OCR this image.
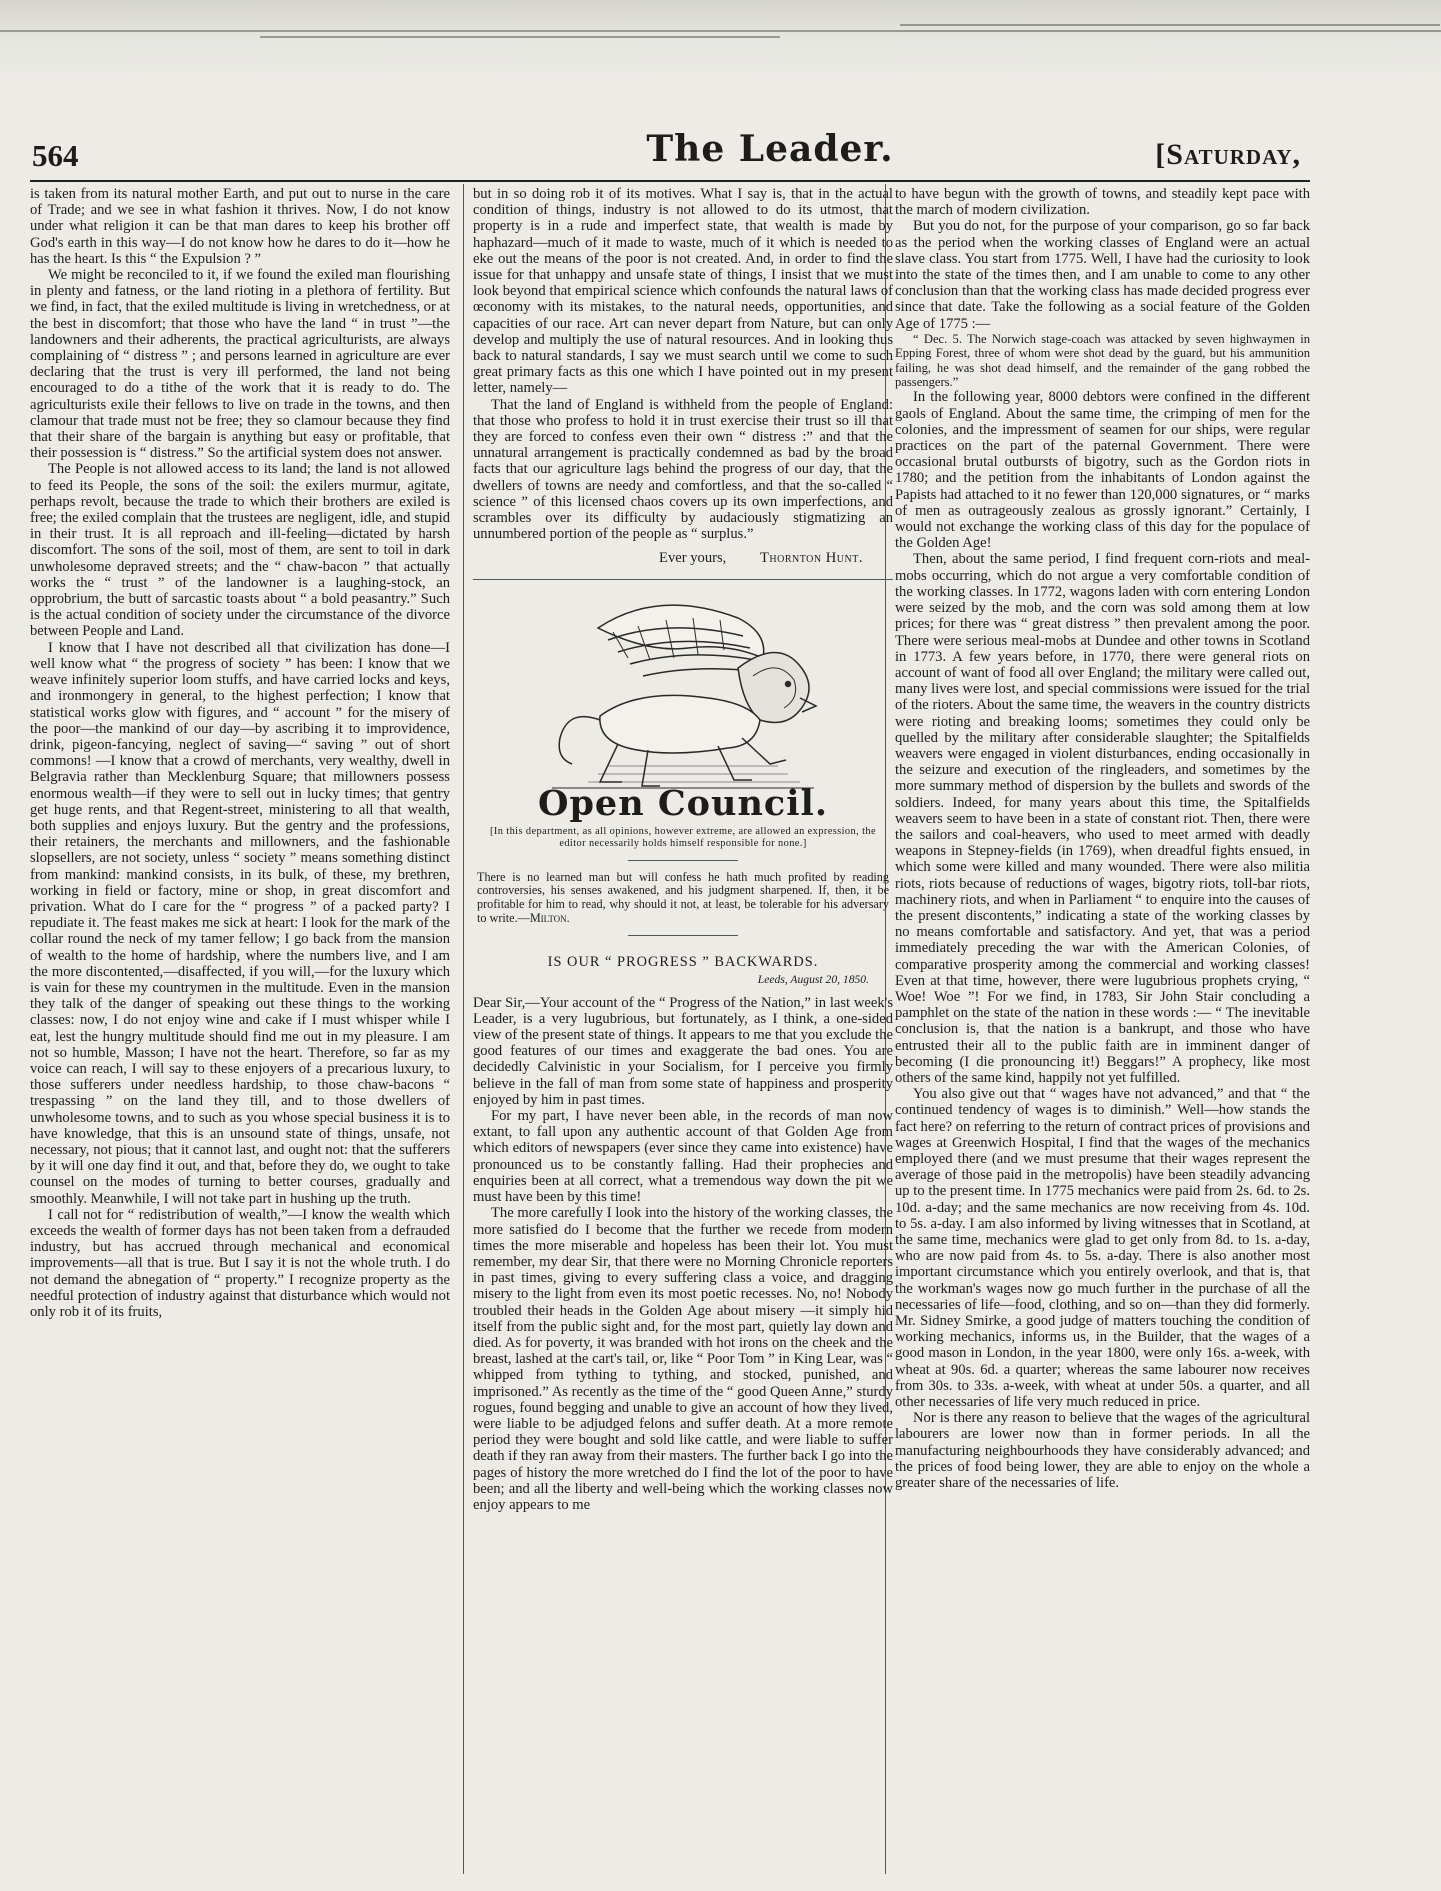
564	The Leader.	[Saturday,

is taken from its natural mother Earth, and put out to nurse in the care of Trade; and we see in what fashion it thrives. Now, I do not know under what religion it can be that man dares to keep his brother off God's earth in this way—I do not know how he dares to do it—how he has the heart. Is this “ the Expulsion ? ”

We might be reconciled to it, if we found the exiled man flourishing in plenty and fatness, or the land rioting in a plethora of fertility. But we find, in fact, that the exiled multitude is living in wretchedness, or at the best in discomfort; that those who have the land “ in trust ”—the landowners and their adherents, the practical agriculturists, are always complaining of “ distress ” ; and persons learned in agriculture are ever declaring that the trust is very ill performed, the land not being encouraged to do a tithe of the work that it is ready to do. The agriculturists exile their fellows to live on trade in the towns, and then clamour that trade must not be free; they so clamour because they find that their share of the bargain is anything but easy or profitable, that their possession is “ distress.” So the artificial system does not answer.

The People is not allowed access to its land; the land is not allowed to feed its People, the sons of the soil: the exilers murmur, agitate, perhaps revolt, because the trade to which their brothers are exiled is free; the exiled complain that the trustees are negligent, idle, and stupid in their trust. It is all reproach and ill-feeling—dictated by harsh discomfort. The sons of the soil, most of them, are sent to toil in dark unwholesome depraved streets; and the “ chaw-bacon ” that actually works the “ trust ” of the landowner is a laughing-stock, an opprobrium, the butt of sarcastic toasts about “ a bold peasantry.” Such is the actual condition of society under the circumstance of the divorce between People and Land.

I know that I have not described all that civilization has done—I well know what “ the progress of society ” has been: I know that we weave infinitely superior loom stuffs, and have carried locks and keys, and ironmongery in general, to the highest perfection; I know that statistical works glow with figures, and “ account ” for the misery of the poor—the mankind of our day—by ascribing it to improvidence, drink, pigeon-fancying, neglect of saving—“ saving ” out of short commons! —I know that a crowd of merchants, very wealthy, dwell in Belgravia rather than Mecklenburg Square; that millowners possess enormous wealth—if they were to sell out in lucky times; that gentry get huge rents, and that Regent-street, ministering to all that wealth, both supplies and enjoys luxury. But the gentry and the professions, their retainers, the merchants and millowners, and the fashionable slopsellers, are not society, unless “ society ” means something distinct from mankind: mankind consists, in its bulk, of these, my brethren, working in field or factory, mine or shop, in great discomfort and privation. What do I care for the “ progress ” of a packed party? I repudiate it. The feast makes me sick at heart: I look for the mark of the collar round the neck of my tamer fellow; I go back from the mansion of wealth to the home of hardship, where the numbers live, and I am the more discontented,—disaffected, if you will,—for the luxury which is vain for these my countrymen in the multitude. Even in the mansion they talk of the danger of speaking out these things to the working classes: now, I do not enjoy wine and cake if I must whisper while I eat, lest the hungry multitude should find me out in my pleasure. I am not so humble, Masson; I have not the heart. Therefore, so far as my voice can reach, I will say to these enjoyers of a precarious luxury, to those sufferers under needless hardship, to those chaw-bacons “ trespassing ” on the land they till, and to those dwellers of unwholesome towns, and to such as you whose special business it is to have knowledge, that this is an unsound state of things, unsafe, not necessary, not pious; that it cannot last, and ought not: that the sufferers by it will one day find it out, and that, before they do, we ought to take counsel on the modes of turning to better courses, gradually and smoothly. Meanwhile, I will not take part in hushing up the truth.

I call not for “ redistribution of wealth,”—I know the wealth which exceeds the wealth of former days has not been taken from a defrauded industry, but has accrued through mechanical and economical improvements—all that is true. But I say it is not the whole truth. I do not demand the abnegation of “ property.” I recognize property as the needful protection of industry against that disturbance which would not only rob it of its fruits,

but in so doing rob it of its motives. What I say is, that in the actual condition of things, industry is not allowed to do its utmost, that property is in a rude and imperfect state, that wealth is made by haphazard—much of it made to waste, much of it which is needed to eke out the means of the poor is not created. And, in order to find the issue for that unhappy and unsafe state of things, I insist that we must look beyond that empirical science which confounds the natural laws of œconomy with its mistakes, to the natural needs, opportunities, and capacities of our race. Art can never depart from Nature, but can only develop and multiply the use of natural resources. And in looking thus back to natural standards, I say we must search until we come to such great primary facts as this one which I have pointed out in my present letter, namely—

That the land of England is withheld from the people of England: that those who profess to hold it in trust exercise their trust so ill that they are forced to confess even their own “ distress :” and that the unnatural arrangement is practically condemned as bad by the broad facts that our agriculture lags behind the progress of our day, that the dwellers of towns are needy and comfortless, and that the so-called “ science ” of this licensed chaos covers up its own imperfections, and scrambles over its difficulty by audaciously stigmatizing an unnumbered portion of the people as “ surplus.”

Ever yours, Thornton Hunt.
Open Council.
[In this department, as all opinions, however extreme, are allowed an expression, the editor necessarily holds himself responsible for none.]
There is no learned man but will confess he hath much profited by reading controversies, his senses awakened, and his judgment sharpened. If, then, it be profitable for him to read, why should it not, at least, be tolerable for his adversary to write.—Milton.
IS OUR “ PROGRESS ” BACKWARDS.
Leeds, August 20, 1850.

Dear Sir,—Your account of the “ Progress of the Nation,” in last week's Leader, is a very lugubrious, but fortunately, as I think, a one-sided view of the present state of things. It appears to me that you exclude the good features of our times and exaggerate the bad ones. You are decidedly Calvinistic in your Socialism, for I perceive you firmly believe in the fall of man from some state of happiness and prosperity enjoyed by him in past times.

For my part, I have never been able, in the records of man now extant, to fall upon any authentic account of that Golden Age from which editors of newspapers (ever since they came into existence) have pronounced us to be constantly falling. Had their prophecies and enquiries been at all correct, what a tremendous way down the pit we must have been by this time!

The more carefully I look into the history of the working classes, the more satisfied do I become that the further we recede from modern times the more miserable and hopeless has been their lot. You must remember, my dear Sir, that there were no Morning Chronicle reporters in past times, giving to every suffering class a voice, and dragging misery to the light from even its most poetic recesses. No, no! Nobody troubled their heads in the Golden Age about misery —it simply hid itself from the public sight and, for the most part, quietly lay down and died. As for poverty, it was branded with hot irons on the cheek and the breast, lashed at the cart's tail, or, like “ Poor Tom ” in King Lear, was “ whipped from tything to tything, and stocked, punished, and imprisoned.” As recently as the time of the “ good Queen Anne,” sturdy rogues, found begging and unable to give an account of how they lived, were liable to be adjudged felons and suffer death. At a more remote period they were bought and sold like cattle, and were liable to suffer death if they ran away from their masters. The further back I go into the pages of history the more wretched do I find the lot of the poor to have been; and all the liberty and well-being which the working classes now enjoy appears to me

to have begun with the growth of towns, and steadily kept pace with the march of modern civilization.

But you do not, for the purpose of your comparison, go so far back as the period when the working classes of England were an actual slave class. You start from 1775. Well, I have had the curiosity to look into the state of the times then, and I am unable to come to any other conclusion than that the working class has made decided progress ever since that date. Take the following as a social feature of the Golden Age of 1775 :—

“ Dec. 5. The Norwich stage-coach was attacked by seven highwaymen in Epping Forest, three of whom were shot dead by the guard, but his ammunition failing, he was shot dead himself, and the remainder of the gang robbed the passengers.”

In the following year, 8000 debtors were confined in the different gaols of England. About the same time, the crimping of men for the colonies, and the impressment of seamen for our ships, were regular practices on the part of the paternal Government. There were occasional brutal outbursts of bigotry, such as the Gordon riots in 1780; and the petition from the inhabitants of London against the Papists had attached to it no fewer than 120,000 signatures, or “ marks of men as outrageously zealous as grossly ignorant.” Certainly, I would not exchange the working class of this day for the populace of the Golden Age!

Then, about the same period, I find frequent corn-riots and meal-mobs occurring, which do not argue a very comfortable condition of the working classes. In 1772, wagons laden with corn entering London were seized by the mob, and the corn was sold among them at low prices; for there was “ great distress ” then prevalent among the poor. There were serious meal-mobs at Dundee and other towns in Scotland in 1773. A few years before, in 1770, there were general riots on account of want of food all over England; the military were called out, many lives were lost, and special commissions were issued for the trial of the rioters. About the same time, the weavers in the country districts were rioting and breaking looms; sometimes they could only be quelled by the military after considerable slaughter; the Spitalfields weavers were engaged in violent disturbances, ending occasionally in the seizure and execution of the ringleaders, and sometimes by the more summary method of dispersion by the bullets and swords of the soldiers. Indeed, for many years about this time, the Spitalfields weavers seem to have been in a state of constant riot. Then, there were the sailors and coal-heavers, who used to meet armed with deadly weapons in Stepney-fields (in 1769), when dreadful fights ensued, in which some were killed and many wounded. There were also militia riots, riots because of reductions of wages, bigotry riots, toll-bar riots, machinery riots, and when in Parliament “ to enquire into the causes of the present discontents,” indicating a state of the working classes by no means comfortable and satisfactory. And yet, that was a period immediately preceding the war with the American Colonies, of comparative prosperity among the commercial and working classes! Even at that time, however, there were lugubrious prophets crying, “ Woe! Woe ”! For we find, in 1783, Sir John Stair concluding a pamphlet on the state of the nation in these words :— “ The inevitable conclusion is, that the nation is a bankrupt, and those who have entrusted their all to the public faith are in imminent danger of becoming (I die pronouncing it!) Beggars!” A prophecy, like most others of the same kind, happily not yet fulfilled.

You also give out that “ wages have not advanced,” and that “ the continued tendency of wages is to diminish.” Well—how stands the fact here? on referring to the return of contract prices of provisions and wages at Greenwich Hospital, I find that the wages of the mechanics employed there (and we must presume that their wages represent the average of those paid in the metropolis) have been steadily advancing up to the present time. In 1775 mechanics were paid from 2s. 6d. to 2s. 10d. a-day; and the same mechanics are now receiving from 4s. 10d. to 5s. a-day. I am also informed by living witnesses that in Scotland, at the same time, mechanics were glad to get only from 8d. to 1s. a-day, who are now paid from 4s. to 5s. a-day. There is also another most important circumstance which you entirely overlook, and that is, that the workman's wages now go much further in the purchase of all the necessaries of life—food, clothing, and so on—than they did formerly. Mr. Sidney Smirke, a good judge of matters touching the condition of working mechanics, informs us, in the Builder, that the wages of a good mason in London, in the year 1800, were only 16s. a-week, with wheat at 90s. 6d. a quarter; whereas the same labourer now receives from 30s. to 33s. a-week, with wheat at under 50s. a quarter, and all other necessaries of life very much reduced in price.

Nor is there any reason to believe that the wages of the agricultural labourers are lower now than in former periods. In all the manufacturing neighbourhoods they have considerably advanced; and the prices of food being lower, they are able to enjoy on the whole a greater share of the necessaries of life.
